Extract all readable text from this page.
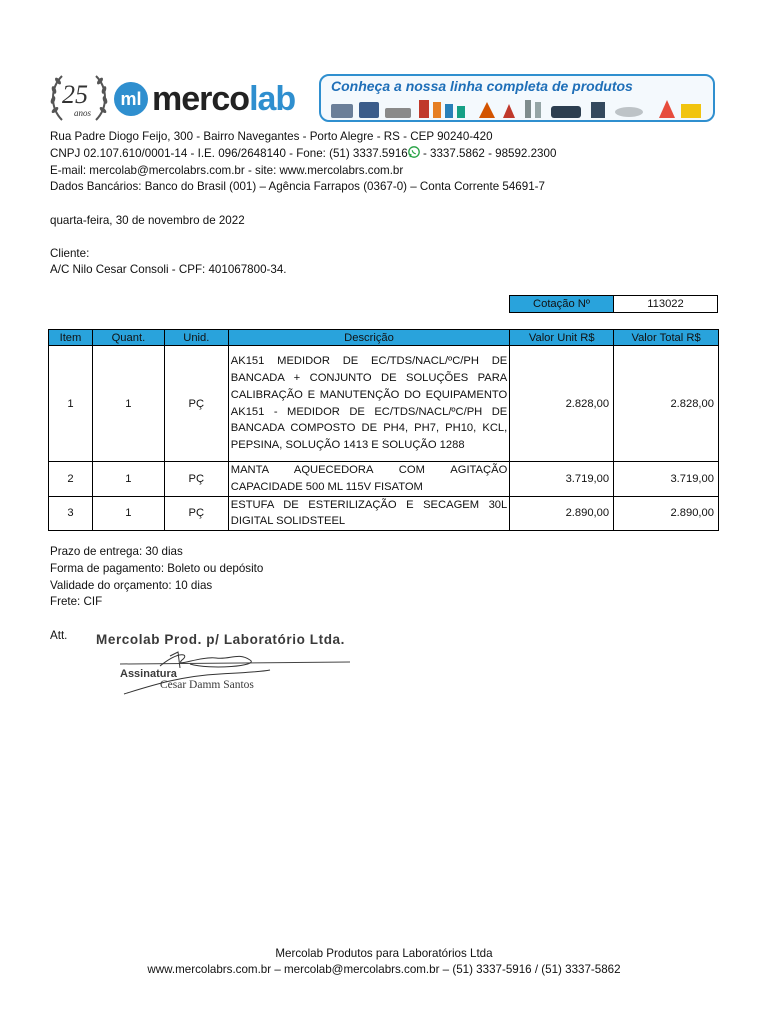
25
anos
ml mercolab	Conheça a nossa linha completa de produtos
Rua Padre Diogo Feijo, 300 - Bairro Navegantes - Porto Alegre - RS - CEP 90240-420
CNPJ 02.107.610/0001-14 - I.E. 096/2648140 - Fone: (51) 3337.5916 - 3337.5862 - 98592.2300
E-mail: mercolab@mercolabrs.com.br - site: www.mercolabrs.com.br
Dados Bancários: Banco do Brasil (001) – Agência Farrapos (0367-0) – Conta Corrente 54691-7
quarta-feira, 30 de novembro de 2022
Cliente:
A/C Nilo Cesar Consoli - CPF: 401067800-34.
Cotação Nº	113022
Item	Quant.	Unid.	Descrição	Valor Unit R$	Valor Total R$
1	1	PÇ	AK151 MEDIDOR DE EC/TDS/NACL/ºC/PH DE BANCADA + CONJUNTO DE SOLUÇÕES PARA CALIBRAÇÃO E MANUTENÇÃO DO EQUIPAMENTO AK151 - MEDIDOR DE EC/TDS/NACL/ºC/PH DE BANCADA COMPOSTO DE PH4, PH7, PH10, KCL,
PEPSINA, SOLUÇÃO 1413 E SOLUÇÃO 1288	2.828,00	2.828,00
2	1	PÇ	MANTA AQUECEDORA COM AGITAÇÃO
CAPACIDADE 500 ML 115V FISATOM	3.719,00	3.719,00
3	1	PÇ	ESTUFA DE ESTERILIZAÇÃO E SECAGEM 30L
DIGITAL SOLIDSTEEL	2.890,00	2.890,00
Prazo de entrega: 30 dias
Forma de pagamento: Boleto ou depósito
Validade do orçamento: 10 dias
Frete: CIF
Att. Mercolab Prod. p/ Laboratório Ltda.
Assinatura
Cesar Damm Santos
Mercolab Produtos para Laboratórios Ltda
www.mercolabrs.com.br – mercolab@mercolabrs.com.br – (51) 3337-5916 / (51) 3337-5862
